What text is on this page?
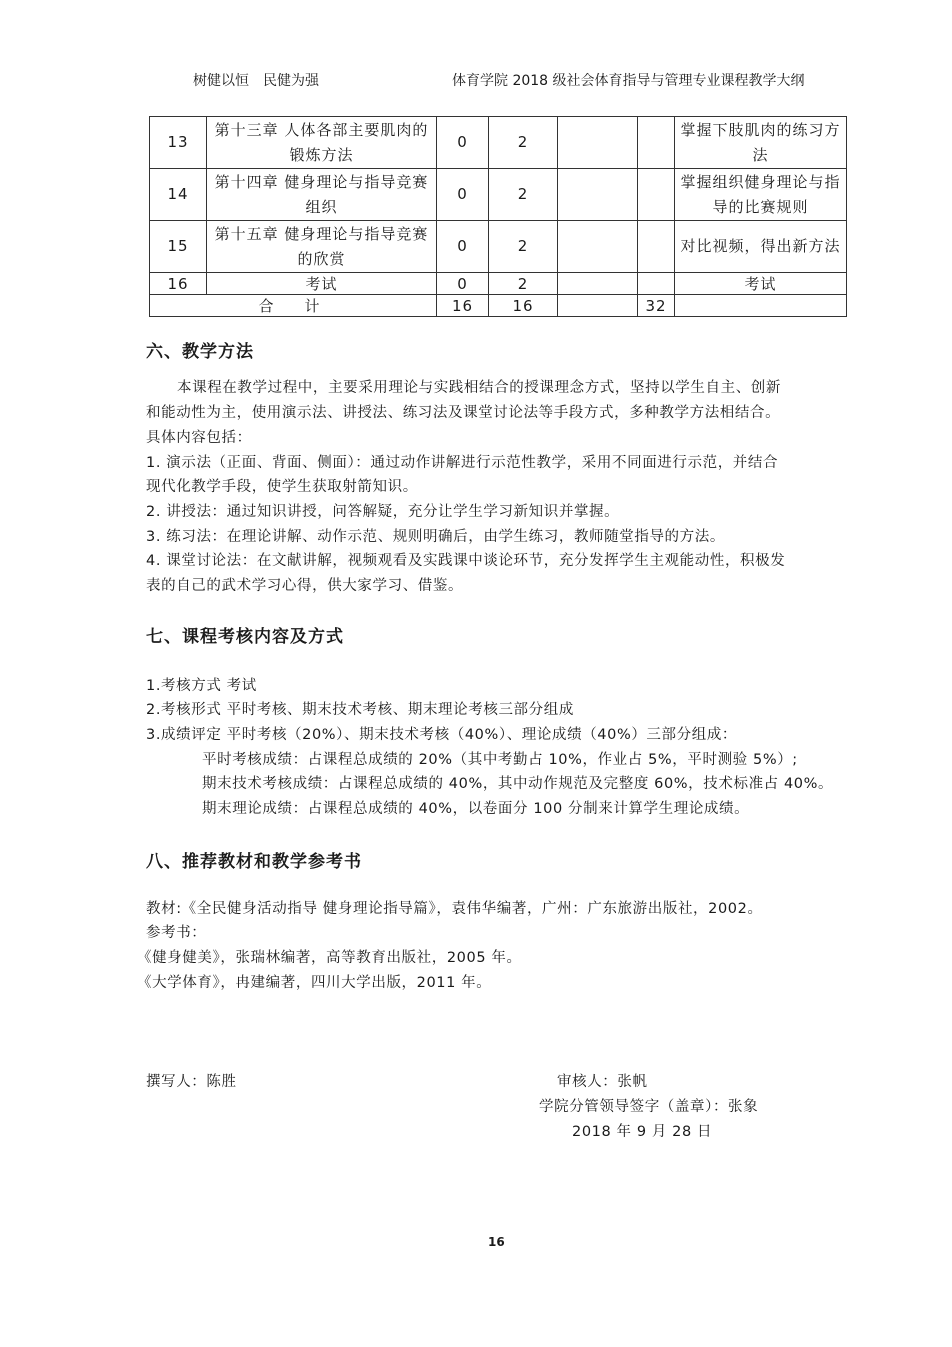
树健以恒　民健为强	体育学院 2018 级社会体育指导与管理专业课程教学大纲
13	第十三章 人体各部主要肌肉的锻炼方法	0	2			掌握下肢肌肉的练习方法
14	第十四章 健身理论与指导竞赛组织	0	2			掌握组织健身理论与指导的比赛规则
15	第十五章 健身理论与指导竞赛的欣赏	0	2			对比视频，得出新方法
16	考试	0	2			考试
合　计		16	16		32	
六、教学方法
本课程在教学过程中，主要采用理论与实践相结合的授课理念方式，坚持以学生自主、创新
和能动性为主，使用演示法、讲授法、练习法及课堂讨论法等手段方式，多种教学方法相结合。
具体内容包括：
1. 演示法（正面、背面、侧面）：通过动作讲解进行示范性教学，采用不同面进行示范，并结合
现代化教学手段，使学生获取射箭知识。
2. 讲授法：通过知识讲授，问答解疑，充分让学生学习新知识并掌握。
3. 练习法：在理论讲解、动作示范、规则明确后，由学生练习，教师随堂指导的方法。
4. 课堂讨论法：在文献讲解，视频观看及实践课中谈论环节，充分发挥学生主观能动性，积极发
表的自己的武术学习心得，供大家学习、借鉴。
七、课程考核内容及方式
1.考核方式 考试
2.考核形式 平时考核、期末技术考核、期末理论考核三部分组成
3.成绩评定 平时考核（20%）、期末技术考核（40%）、理论成绩（40%）三部分组成：
平时考核成绩：占课程总成绩的 20%（其中考勤占 10%，作业占 5%，平时测验 5%）;
期末技术考核成绩：占课程总成绩的 40%，其中动作规范及完整度 60%，技术标准占 40%。
期末理论成绩：占课程总成绩的 40%，以卷面分 100 分制来计算学生理论成绩。
八、推荐教材和教学参考书
教材:《全民健身活动指导 健身理论指导篇》，袁伟华编著，广州：广东旅游出版社，2002。
参考书：
《健身健美》，张瑞林编著，高等教育出版社，2005 年。
《大学体育》，冉建编著，四川大学出版，2011 年。
撰写人：陈胜	审核人：张帆
学院分管领导签字（盖章）：张象
2018 年 9 月 28 日
16
